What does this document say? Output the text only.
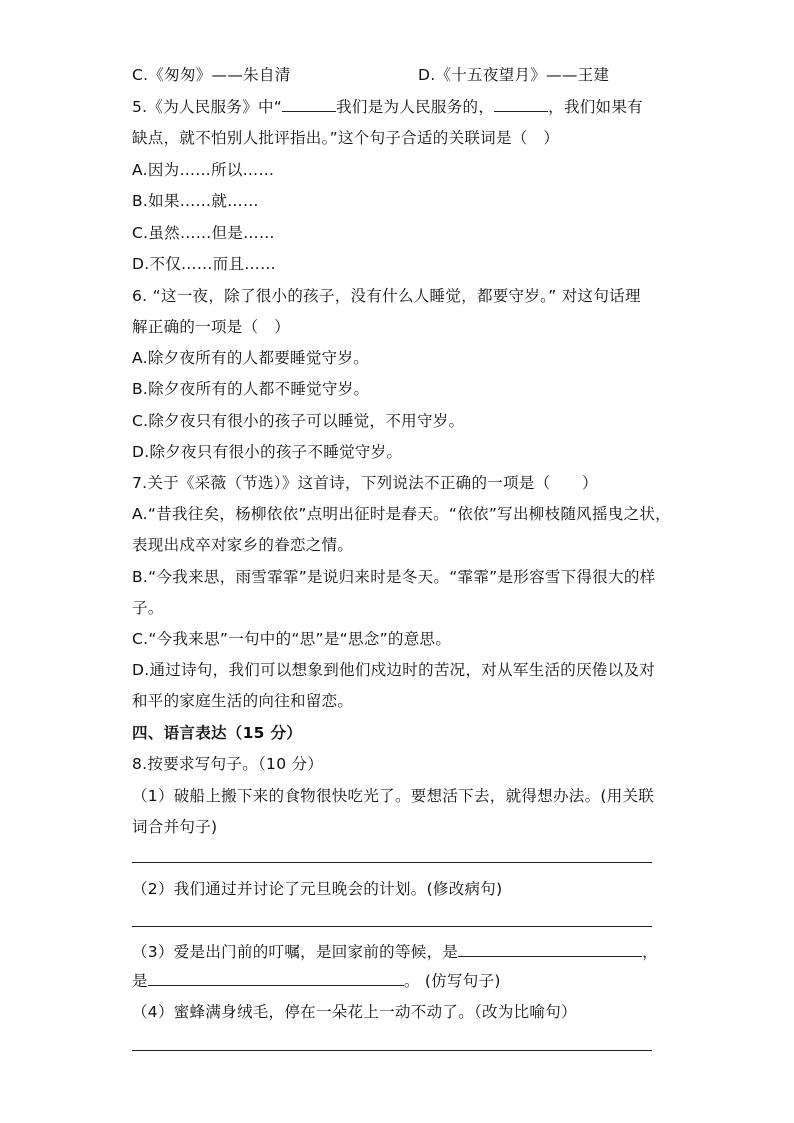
C.《匆匆》——朱自清	D.《十五夜望月》——王建
5.《为人民服务》中“	我们是为人民服务的，	，我们如果有
缺点，就不怕别人批评指出。”这个句子合适的关联词是（　）
A.因为……所以……
B.如果……就……
C.虽然……但是……
D.不仅……而且……
6. “这一夜，除了很小的孩子，没有什么人睡觉，都要守岁。” 对这句话理
解正确的一项是（　）
A.除夕夜所有的人都要睡觉守岁。
B.除夕夜所有的人都不睡觉守岁。
C.除夕夜只有很小的孩子可以睡觉，不用守岁。
D.除夕夜只有很小的孩子不睡觉守岁。
7.关于《采薇（节选）》这首诗，下列说法不正确的一项是（　　）
A.“昔我往矣，杨柳依依”点明出征时是春天。“依依”写出柳枝随风摇曳之状，
表现出戍卒对家乡的眷恋之情。
B.“今我来思，雨雪霏霏”是说归来时是冬天。“霏霏”是形容雪下得很大的样
子。
C.“今我来思”一句中的“思”是“思念”的意思。
D.通过诗句，我们可以想象到他们戍边时的苦况，对从军生活的厌倦以及对
和平的家庭生活的向往和留恋。
四、语言表达（15 分）
8.按要求写句子。（10 分）
（1）破船上搬下来的食物很快吃光了。要想活下去，就得想办法。(用关联
词合并句子)
（2）我们通过并讨论了元旦晚会的计划。(修改病句)
（3）爱是出门前的叮嘱，是回家前的等候，是	，
是	。 (仿写句子)
（4）蜜蜂满身绒毛，停在一朵花上一动不动了。（改为比喻句）
